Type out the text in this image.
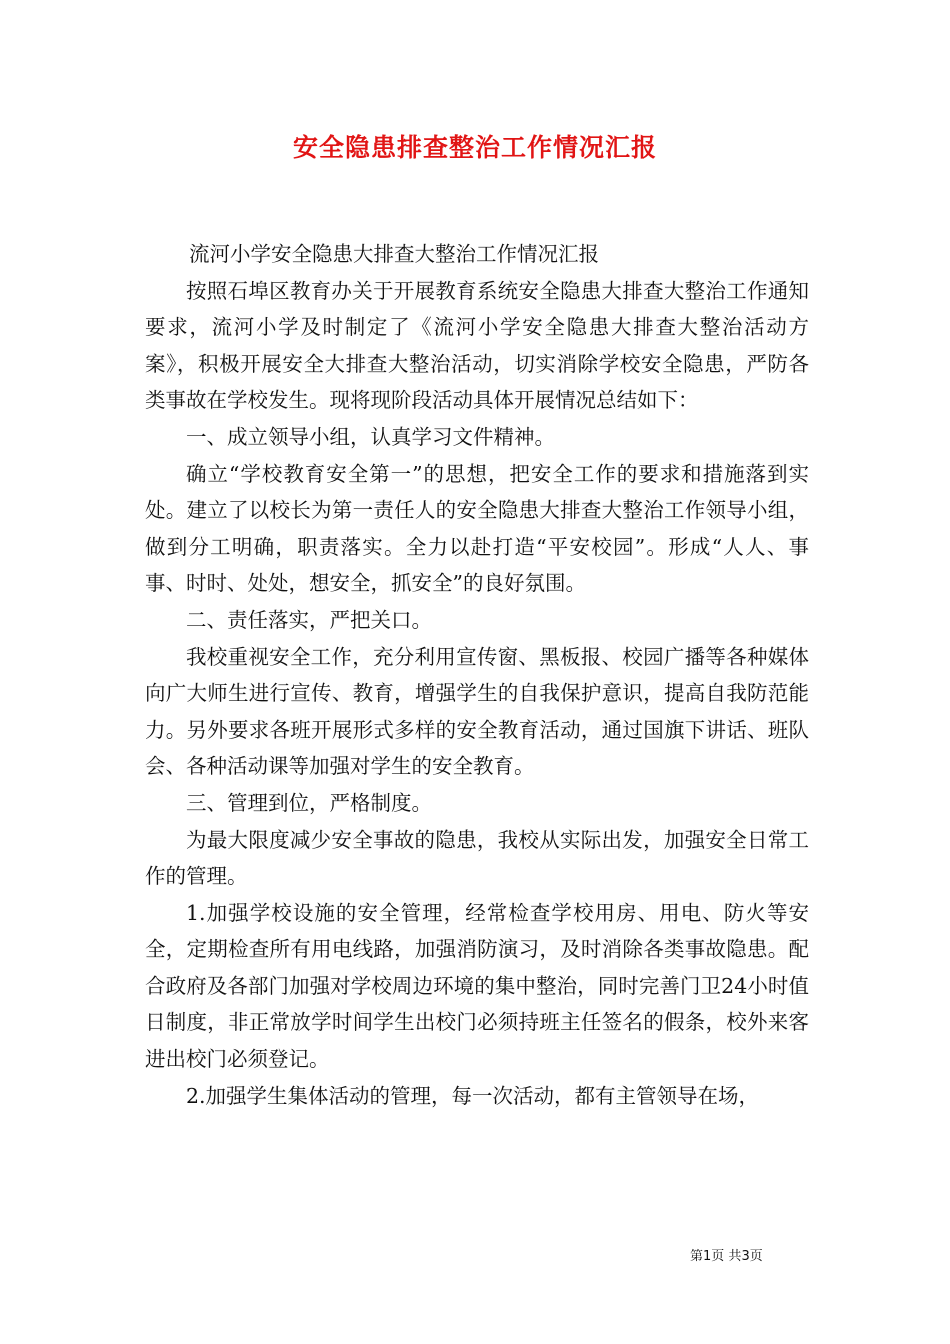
安全隐患排查整治工作情况汇报

流河小学安全隐患大排查大整治工作情况汇报

按照石埠区教育办关于开展教育系统安全隐患大排查大整治工作通知要求，流河小学及时制定了《流河小学安全隐患大排查大整治活动方案》，积极开展安全大排查大整治活动，切实消除学校安全隐患，严防各类事故在学校发生。现将现阶段活动具体开展情况总结如下：

一、成立领导小组，认真学习文件精神。

确立“学校教育安全第一”的思想，把安全工作的要求和措施落到实处。建立了以校长为第一责任人的安全隐患大排查大整治工作领导小组，做到分工明确，职责落实。全力以赴打造“平安校园”。形成“人人、事事、时时、处处，想安全，抓安全”的良好氛围。

二、责任落实，严把关口。

我校重视安全工作，充分利用宣传窗、黑板报、校园广播等各种媒体向广大师生进行宣传、教育，增强学生的自我保护意识，提高自我防范能力。另外要求各班开展形式多样的安全教育活动，通过国旗下讲话、班队会、各种活动课等加强对学生的安全教育。

三、管理到位，严格制度。

为最大限度减少安全事故的隐患，我校从实际出发，加强安全日常工作的管理。

1.加强学校设施的安全管理，经常检查学校用房、用电、防火等安全，定期检查所有用电线路，加强消防演习，及时消除各类事故隐患。配合政府及各部门加强对学校周边环境的集中整治，同时完善门卫24小时值日制度，非正常放学时间学生出校门必须持班主任签名的假条，校外来客进出校门必须登记。

2.加强学生集体活动的管理，每一次活动，都有主管领导在场，

第1页 共3页
